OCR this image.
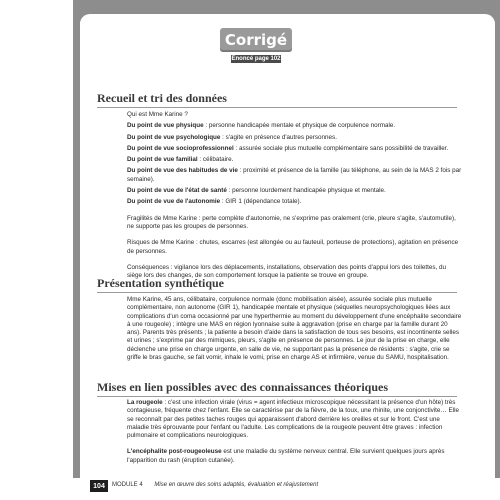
Corrigé
Énoncé page 102
Recueil et tri des données

Qui est Mme Karine ?

Du point de vue physique : personne handicapée mentale et physique de corpulence normale.

Du point de vue psychologique : s'agite en présence d'autres personnes.

Du point de vue socioprofessionnel : assurée sociale plus mutuelle complémentaire sans possibilité de travailler.

Du point de vue familial : célibataire.

Du point de vue des habitudes de vie : proximité et présence de la famille (au téléphone, au sein de la MAS 2 fois par semaine).

Du point de vue de l'état de santé : personne lourdement handicapée physique et mentale.

Du point de vue de l'autonomie : GIR 1 (dépendance totale).

Fragilités de Mme Karine : perte complète d'autonomie, ne s'exprime pas oralement (crie, pleure s'agite, s'automutile), ne supporte pas les groupes de personnes.

Risques de Mme Karine : chutes, escarres (est allongée ou au fauteuil, porteuse de protections), agitation en présence de personnes.

Conséquences : vigilance lors des déplacements, installations, observation des points d'appui lors des toilettes, du siège lors des changes, de son comportement lorsque la patiente se trouve en groupe.

Présentation synthétique

Mme Karine, 45 ans, célibataire, corpulence normale (donc mobilisation aisée), assurée sociale plus mutuelle complémentaire, non autonome (GIR 1), handicapée mentale et physique (séquelles neuropsychologiques liées aux complications d'un coma occasionné par une hyperthermie au moment du développement d'une encéphalite secondaire à une rougeole) ; intègre une MAS en région lyonnaise suite à aggravation (prise en charge par la famille durant 20 ans). Parents très présents ; la patiente a besoin d'aide dans la satisfaction de tous ses besoins, est incontinente selles et urines ; s'exprime par des mimiques, pleurs, s'agite en présence de personnes. Le jour de la prise en charge, elle déclenche une prise en charge urgente, en salle de vie, ne supportant pas la présence de résidents : s'agite, crie se griffe le bras gauche, se fait vomir, inhale le vomi, prise en charge AS et infirmière, venue du SAMU, hospitalisation.

Mises en lien possibles avec des connaissances théoriques

La rougeole : c'est une infection virale (virus = agent infectieux microscopique nécessitant la présence d'un hôte) très contagieuse, fréquente chez l'enfant. Elle se caractérise par de la fièvre, de la toux, une rhinite, une conjonctivite… Elle se reconnaît par des petites taches rouges qui apparaissent d'abord derrière les oreilles et sur le front. C'est une maladie très éprouvante pour l'enfant ou l'adulte. Les complications de la rougeole peuvent être graves : infection pulmonaire et complications neurologiques.

L'encéphalite post-rougeoleuse est une maladie du système nerveux central. Elle survient quelques jours après l'apparition du rash (éruption cutanée).

104	MODULE 4 Mise en œuvre des soins adaptés, évaluation et réajustement
